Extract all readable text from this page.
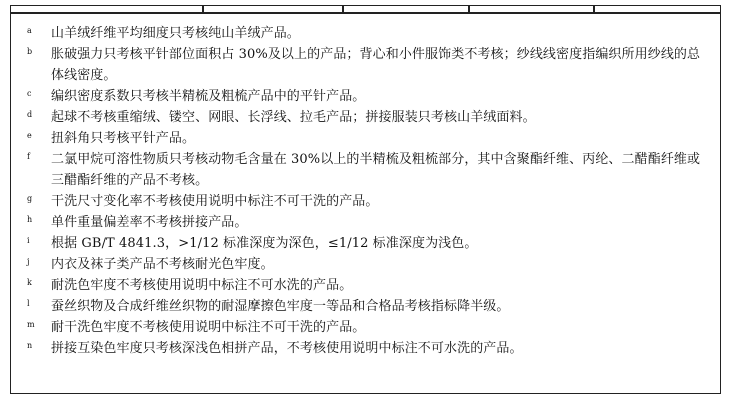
a 山羊绒纤维平均细度只考核纯山羊绒产品。
b 胀破强力只考核平针部位面积占 30%及以上的产品；背心和小件服饰类不考核；纱线线密度指编织所用纱线的总体线密度。
c 编织密度系数只考核半精梳及粗梳产品中的平针产品。
d 起球不考核重缩绒、镂空、网眼、长浮线、拉毛产品；拼接服装只考核山羊绒面料。
e 扭斜角只考核平针产品。
f 二氯甲烷可溶性物质只考核动物毛含量在 30%以上的半精梳及粗梳部分，其中含聚酯纤维、丙纶、二醋酯纤维或三醋酯纤维的产品不考核。
g 干洗尺寸变化率不考核使用说明中标注不可干洗的产品。
h 单件重量偏差率不考核拼接产品。
i 根据 GB/T 4841.3，>1/12 标准深度为深色，≤1/12 标准深度为浅色。
j 内衣及袜子类产品不考核耐光色牢度。
k 耐洗色牢度不考核使用说明中标注不可水洗的产品。
l 蚕丝织物及合成纤维丝织物的耐湿摩擦色牢度一等品和合格品考核指标降半级。
m 耐干洗色牢度不考核使用说明中标注不可干洗的产品。
n 拼接互染色牢度只考核深浅色相拼产品，不考核使用说明中标注不可水洗的产品。
